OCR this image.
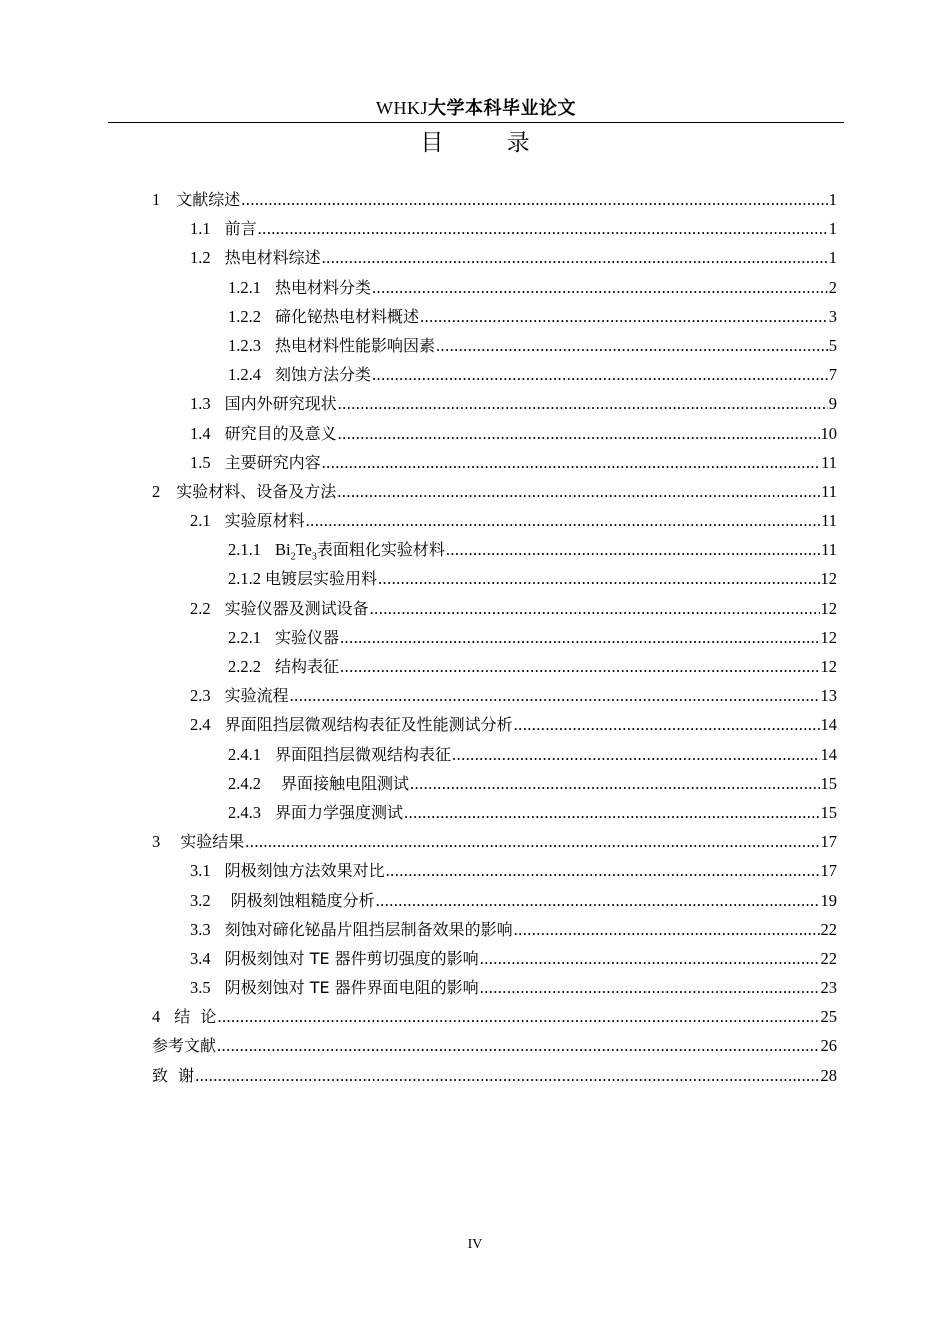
WHKJ大学本科毕业论文
目 录
1 文献综述 .....	1
1.1 前言 .....	1
1.2 热电材料综述 .....	1
1.2.1 热电材料分类 .....	2
1.2.2 碲化铋热电材料概述 .....	3
1.2.3 热电材料性能影响因素 .....	5
1.2.4 刻蚀方法分类 .....	7
1.3 国内外研究现状 .....	9
1.4 研究目的及意义 .....	10
1.5 主要研究内容 .....	11
2 实验材料、设备及方法 .....	11
2.1 实验原材料 .....	11
2.1.1 $Bi_2Te_3$ 表面粗化实验材料 .....	11
2.1.2 电镀层实验用料 .....	12
2.2 实验仪器及测试设备 .....	12
2.2.1 实验仪器 .....	12
2.2.2 结构表征 .....	12
2.3 实验流程 .....	13
2.4 界面阻挡层微观结构表征及性能测试分析 .....	14
2.4.1 界面阻挡层微观结构表征 .....	14
2.4.2 界面接触电阻测试 .....	15
2.4.3 界面力学强度测试 .....	15
3 实验结果 .....	17
3.1 阴极刻蚀方法效果对比 .....	17
3.2 阴极刻蚀粗糙度分析 .....	19
3.3 刻蚀对碲化铋晶片阻挡层制备效果的影响 .....	22
3.4 阴极刻蚀对 TE 器件剪切强度的影响 .....	22
3.5 阴极刻蚀对 TE 器件界面电阻的影响 .....	23
4 结  论 .....	25
参考文献 .....	26
致  谢 .....	28
IV
